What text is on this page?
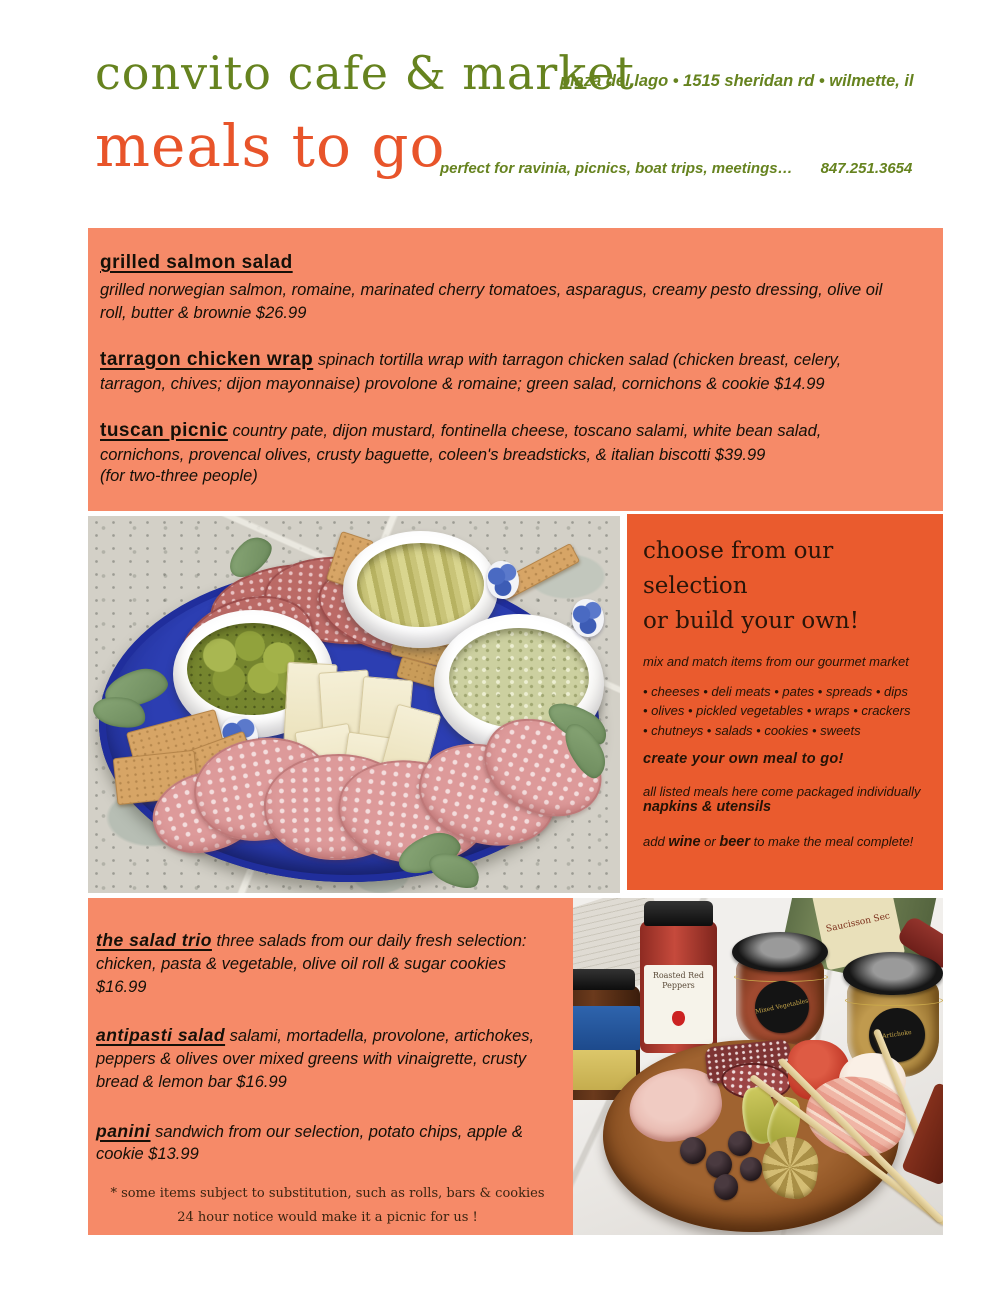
convito cafe & market
plaza del lago • 1515 sheridan rd • wilmette, il
meals to go
perfect for ravinia, picnics, boat trips, meetings… 847.251.3654
grilled salmon salad
grilled norwegian salmon, romaine, marinated cherry tomatoes, asparagus, creamy pesto dressing, olive oil roll, butter & brownie $26.99
tarragon chicken wrap spinach tortilla wrap with tarragon chicken salad (chicken breast, celery, tarragon, chives; dijon mayonnaise) provolone & romaine; green salad, cornichons & cookie $14.99
tuscan picnic country pate, dijon mustard, fontinella cheese, toscano salami, white bean salad, cornichons, provencal olives, crusty baguette, coleen's breadsticks, & italian biscotti $39.99
(for two-three people)
choose from our
selection
or build your own!
mix and match items from our gourmet market
• cheeses • deli meats • pates • spreads • dips
• olives • pickled vegetables • wraps • crackers
• chutneys • salads • cookies • sweets
create your own meal to go!
all listed meals here come packaged individually
napkins & utensils
add wine or beer to make the meal complete!
the salad trio three salads from our daily fresh selection: chicken, pasta & vegetable, olive oil roll & sugar cookies $16.99
antipasti salad salami, mortadella, provolone, artichokes, peppers & olives over mixed greens with vinaigrette, crusty bread & lemon bar $16.99
panini sandwich from our selection, potato chips, apple & cookie $13.99
* some items subject to substitution, such as rolls, bars & cookies
24 hour notice would make it a picnic for us !
Roasted Red Peppers
Saucisson Sec
Mixed Vegetables
Artichoke
